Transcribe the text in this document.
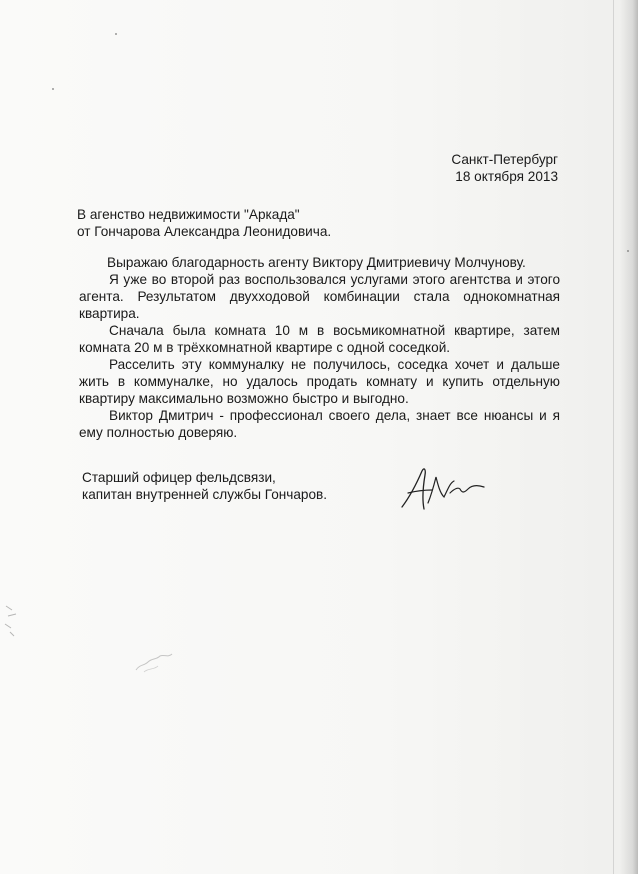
Санкт-Петербург
18 октября 2013
В агенство недвижимости "Аркада"
от Гончарова Александра Леонидовича.

Выражаю благодарность агенту Виктору Дмитриевичу Молчунову.

Я уже во второй раз воспользовался услугами этого агентства и этого агента. Результатом двухходовой комбинации стала однокомнатная квартира.

Сначала была комната 10 м в восьмикомнатной квартире, затем комната 20 м в трёхкомнатной квартире с одной соседкой.

Расселить эту коммуналку не получилось, соседка хочет и дальше жить в коммуналке, но удалось продать комнату и купить отдельную квартиру максимально возможно быстро и выгодно.

Виктор Дмитрич - профессионал своего дела, знает все нюансы и я ему полностью доверяю.

Старший офицер фельдсвязи,
капитан внутренней службы Гончаров.
